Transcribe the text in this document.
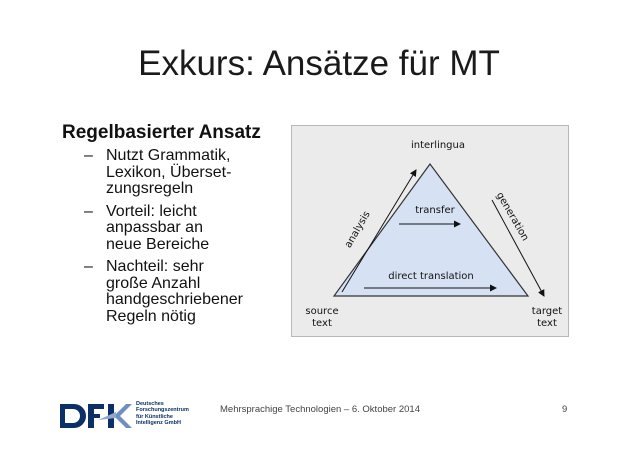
Exkurs: Ansätze für MT
Regelbasierter Ansatz
– Nutzt Grammatik,
Lexikon, Überset-
zungsregeln
– Vorteil: leicht
anpassbar an
neue Bereiche
– Nachteil: sehr
große Anzahl
handgeschriebener
Regeln nötig
interlingua
transfer
direct translation
analysis	generation
source
text
target
text
Deutsches
Forschungszentrum
für Künstliche
Intelligenz GmbH
Mehrsprachige Technologien – 6. Oktober 2014	9
